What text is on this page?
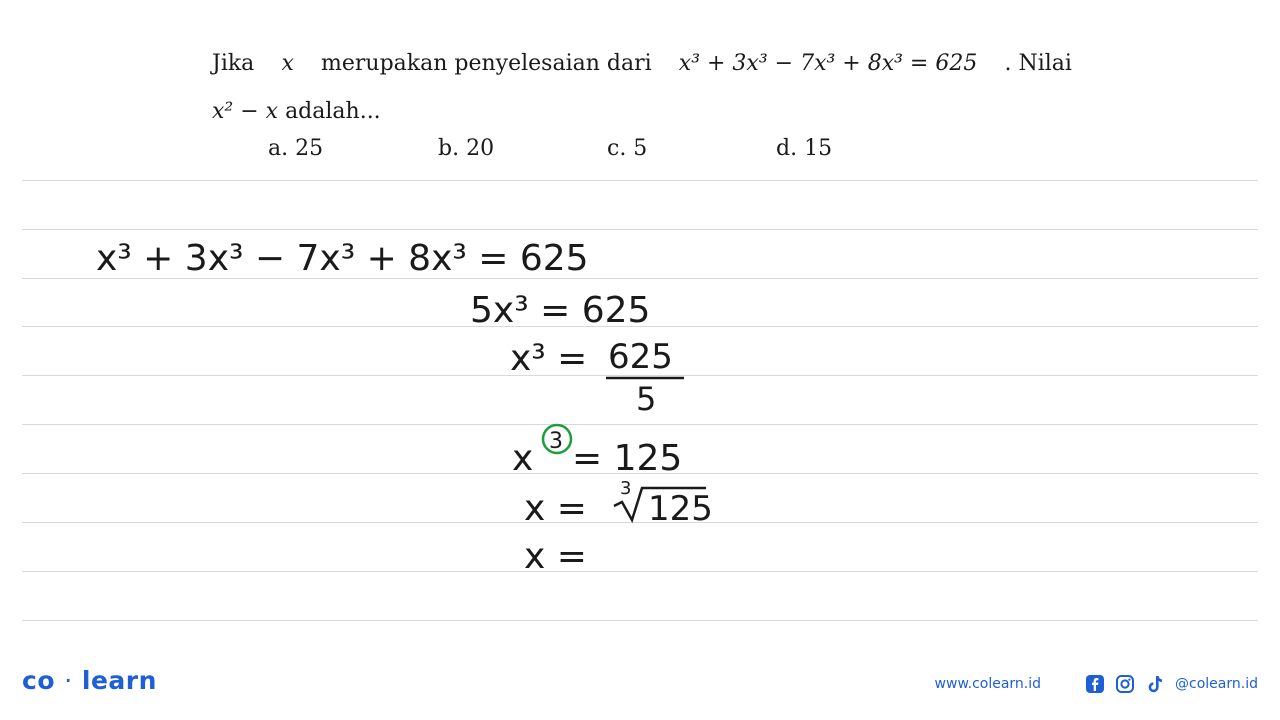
Jika x merupakan penyelesaian dari x³ + 3x³ − 7x³ + 8x³ = 625 . Nilai
x² − x adalah...
a. 25	b. 20	c. 5	d. 15
x³ + 3x³ − 7x³ + 8x³ = 625
5x³ = 625
x³ = 625
5
x 3 = 125
x = 3
125
x =
co · learn	www.colearn.id	@colearn.id
